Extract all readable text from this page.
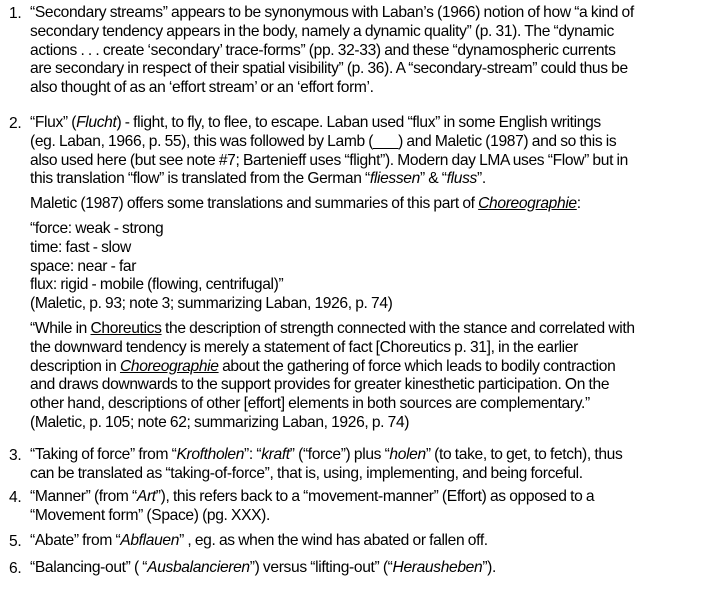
1. “Secondary streams” appears to be synonymous with Laban’s (1966) notion of how “a kind of
secondary tendency appears in the body, namely a dynamic quality” (p. 31). The “dynamic
actions . . . create ‘secondary’ trace-forms” (pp. 32-33) and these “dynamospheric currents
are secondary in respect of their spatial visibility” (p. 36). A “secondary-stream” could thus be
also thought of as an ‘effort stream’ or an ‘effort form’.
2. “Flux” (Flucht) - flight, to fly, to flee, to escape. Laban used “flux” in some English writings
(eg. Laban, 1966, p. 55), this was followed by Lamb (___) and Maletic (1987) and so this is
also used here (but see note #7; Bartenieff uses “flight”). Modern day LMA uses “Flow” but in
this translation “flow” is translated from the German “fliessen” & “fluss”.
Maletic (1987) offers some translations and summaries of this part of Choreographie:
“force: weak - strong
time: fast - slow
space: near - far
flux: rigid - mobile (flowing, centrifugal)”
(Maletic, p. 93; note 3; summarizing Laban, 1926, p. 74)
“While in Choreutics the description of strength connected with the stance and correlated with
the downward tendency is merely a statement of fact [Choreutics p. 31], in the earlier
description in Choreographie about the gathering of force which leads to bodily contraction
and draws downwards to the support provides for greater kinesthetic participation. On the
other hand, descriptions of other [effort] elements in both sources are complementary.”
(Maletic, p. 105; note 62; summarizing Laban, 1926, p. 74)
3. “Taking of force” from “Kroftholen”: “kraft” (“force”) plus “holen” (to take, to get, to fetch), thus
can be translated as “taking-of-force”, that is, using, implementing, and being forceful.
4. “Manner” (from “Art”), this refers back to a “movement-manner” (Effort) as opposed to a
“Movement form” (Space) (pg. XXX).
5. “Abate” from “Abflauen” , eg. as when the wind has abated or fallen off.
6. “Balancing-out” ( “Ausbalancieren”) versus “lifting-out” (“Herausheben”).
